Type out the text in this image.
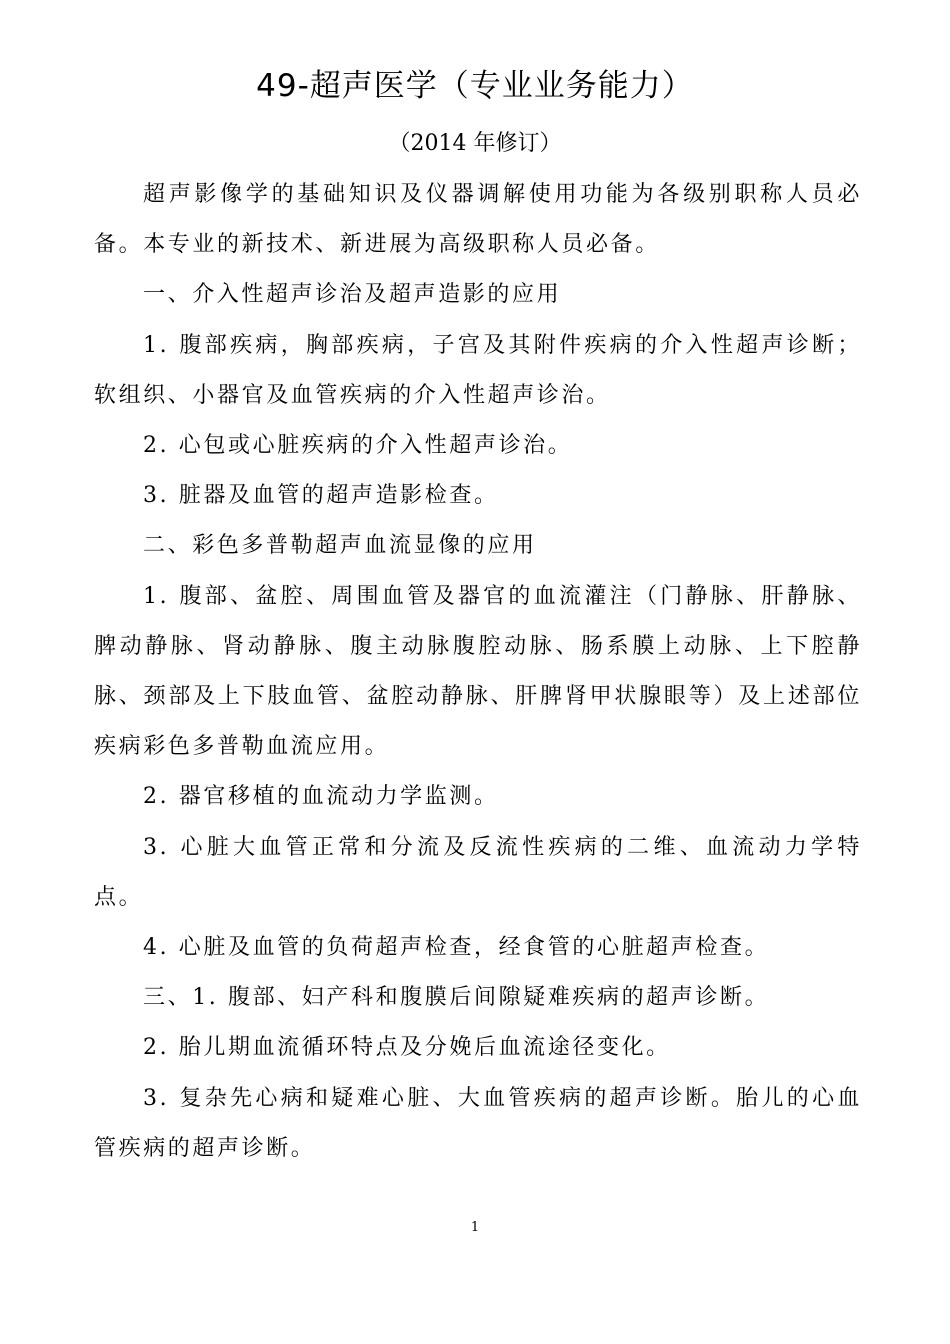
49-超声医学（专业业务能力）
（2014 年修订）

超声影像学的基础知识及仪器调解使用功能为各级别职称人员必备。本专业的新技术、新进展为高级职称人员必备。

一、介入性超声诊治及超声造影的应用

1. 腹部疾病，胸部疾病，子宫及其附件疾病的介入性超声诊断；软组织、小器官及血管疾病的介入性超声诊治。

2. 心包或心脏疾病的介入性超声诊治。

3. 脏器及血管的超声造影检查。

二、彩色多普勒超声血流显像的应用

1. 腹部、盆腔、周围血管及器官的血流灌注（门静脉、肝静脉、脾动静脉、肾动静脉、腹主动脉腹腔动脉、肠系膜上动脉、上下腔静脉、颈部及上下肢血管、盆腔动静脉、肝脾肾甲状腺眼等）及上述部位疾病彩色多普勒血流应用。

2. 器官移植的血流动力学监测。

3. 心脏大血管正常和分流及反流性疾病的二维、血流动力学特点。

4. 心脏及血管的负荷超声检查，经食管的心脏超声检查。

三、1. 腹部、妇产科和腹膜后间隙疑难疾病的超声诊断。

2. 胎儿期血流循环特点及分娩后血流途径变化。

3. 复杂先心病和疑难心脏、大血管疾病的超声诊断。胎儿的心血管疾病的超声诊断。

1
